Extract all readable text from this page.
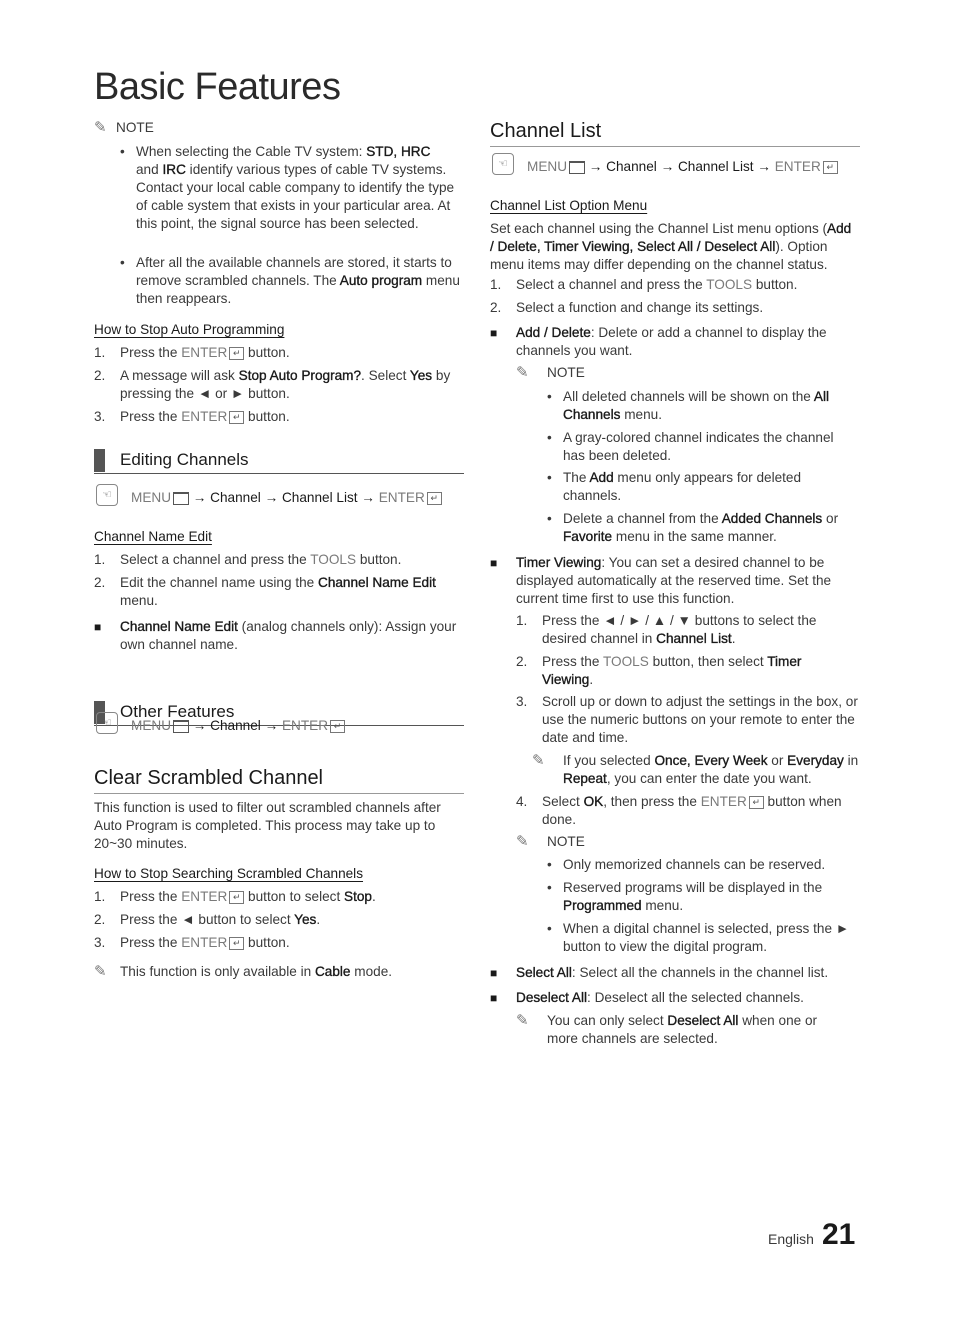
Basic Features
✎ NOTE
• When selecting the Cable TV system: STD, HRC
and IRC identify various types of cable TV systems. Contact your local cable company to identify the type of cable system that exists in your particular area. At this point, the signal source has been selected.
• After all the available channels are stored, it starts to remove scrambled channels. The Auto program menu then reappears.
How to Stop Auto Programming
1. Press the ENTER ↵ button.
2. A message will ask Stop Auto Program?. Select Yes by pressing the ◄ or ► button.
3. Press the ENTER ↵ button.
Editing Channels
☜	MENU → Channel → Channel List → ENTER ↵
Channel Name Edit
1. Select a channel and press the TOOLS button.
2. Edit the channel name using the Channel Name Edit menu.
■ Channel Name Edit (analog channels only): Assign your own channel name.
Other Features
☜	MENU → Channel → ENTER ↵
Clear Scrambled Channel
This function is used to filter out scrambled channels after Auto Program is completed. This process may take up to 20~30 minutes.
How to Stop Searching Scrambled Channels
1. Press the ENTER ↵ button to select Stop.
2. Press the ◄ button to select Yes.
3. Press the ENTER ↵ button.
✎ This function is only available in Cable mode.
Channel List
☜	MENU → Channel → Channel List → ENTER ↵
Channel List Option Menu
Set each channel using the Channel List menu options (Add / Delete, Timer Viewing, Select All / Deselect All). Option menu items may differ depending on the channel status.
1. Select a channel and press the TOOLS button.
2. Select a function and change its settings.
■ Add / Delete: Delete or add a channel to display the channels you want.
✎ NOTE
• All deleted channels will be shown on the All Channels menu.
• A gray-colored channel indicates the channel has been deleted.
• The Add menu only appears for deleted channels.
• Delete a channel from the Added Channels or Favorite menu in the same manner.
■ Timer Viewing: You can set a desired channel to be displayed automatically at the reserved time. Set the current time first to use this function.
1. Press the ◄ / ► / ▲ / ▼ buttons to select the desired channel in Channel List.
2. Press the TOOLS button, then select Timer Viewing.
3. Scroll up or down to adjust the settings in the box, or use the numeric buttons on your remote to enter the date and time.
✎	If you selected Once, Every Week or Everyday in Repeat, you can enter the date you want.
4. Select OK, then press the ENTER ↵ button when done.
✎ NOTE
• Only memorized channels can be reserved.
• Reserved programs will be displayed in the Programmed menu.
• When a digital channel is selected, press the ► button to view the digital program.
■ Select All: Select all the channels in the channel list.
■ Deselect All: Deselect all the selected channels.
✎	You can only select Deselect All when one or more channels are selected.
English 21
